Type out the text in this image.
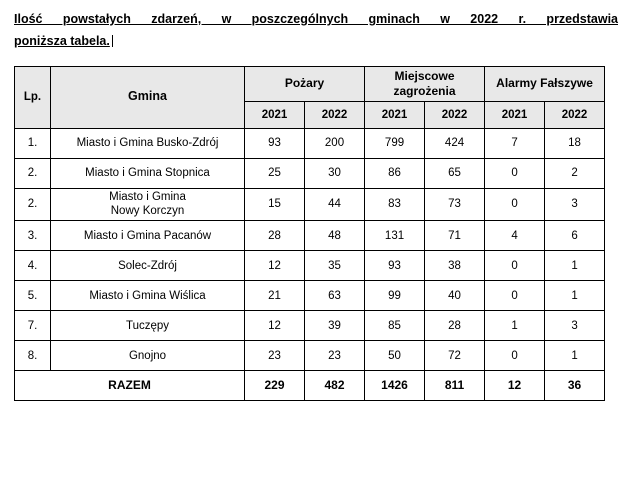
Ilość powstałych zdarzeń, w poszczególnych gminach w 2022 r. przedstawia
poniższa tabela.

Lp.	Gmina	Pożary		Miejscowe zagrożenia		Alarmy Fałszywe	
		2021	2022	2021	2022	2021	2022
1.	Miasto i Gmina Busko-Zdrój	93	200	799	424	7	18
2.	Miasto i Gmina Stopnica	25	30	86	65	0	2
2.	Miasto i Gmina
Nowy Korczyn	15	44	83	73	0	3
3.	Miasto i Gmina Pacanów	28	48	131	71	4	6
4.	Solec-Zdrój	12	35	93	38	0	1
5.	Miasto i Gmina Wiślica	21	63	99	40	0	1
7.	Tuczępy	12	39	85	28	1	3
8.	Gnojno	23	23	50	72	0	1
RAZEM		229	482	1426	811	12	36
